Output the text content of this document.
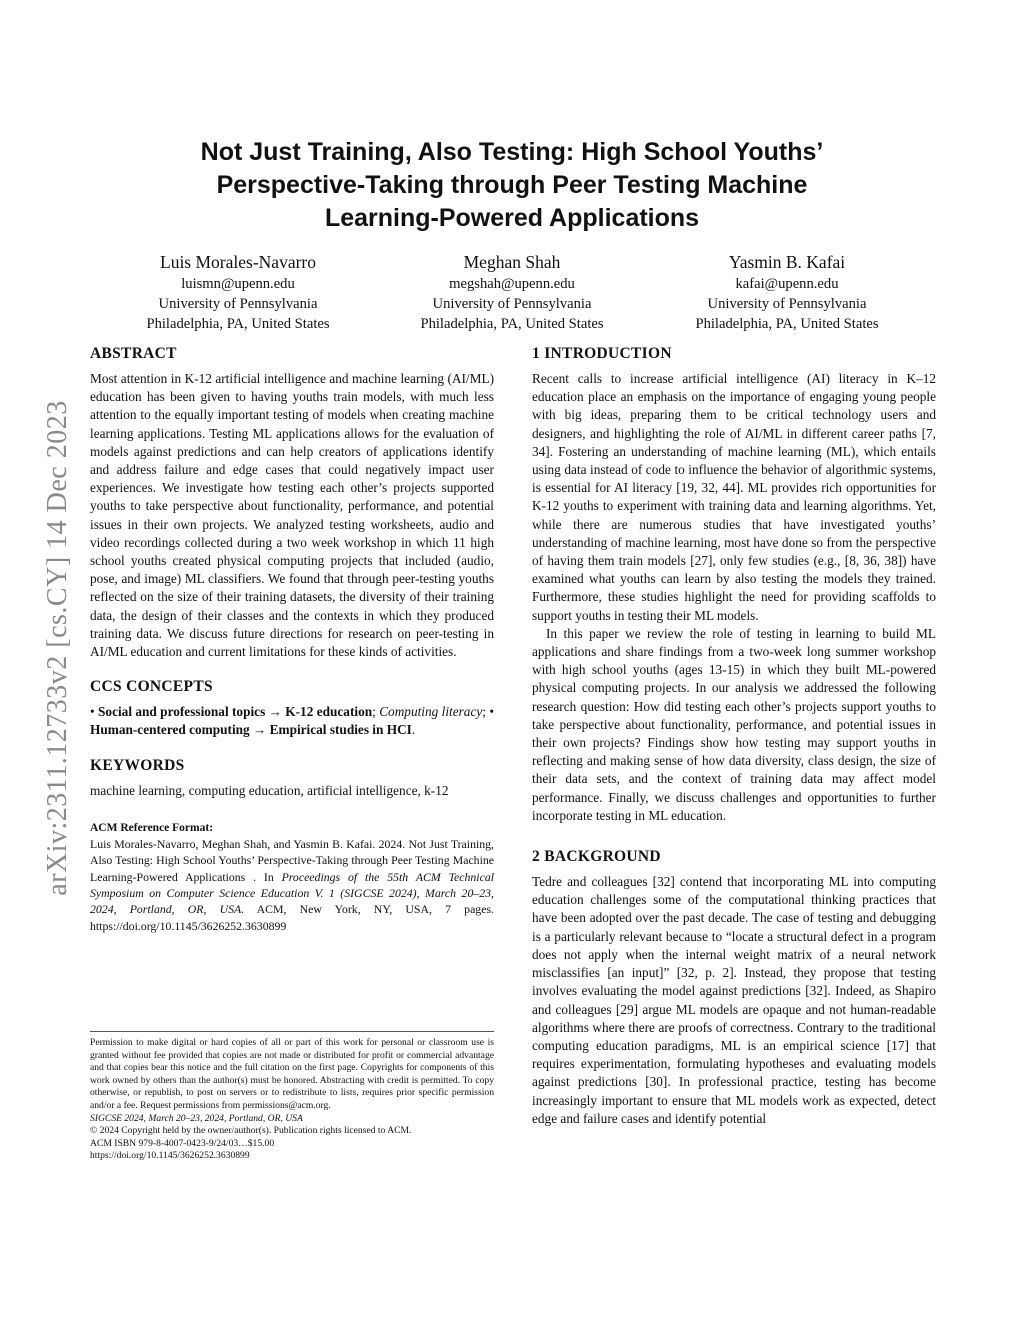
arXiv:2311.12733v2 [cs.CY] 14 Dec 2023
Not Just Training, Also Testing: High School Youths’
Perspective-Taking through Peer Testing Machine
Learning-Powered Applications
Luis Morales-Navarro
luismn@upenn.edu
University of Pennsylvania
Philadelphia, PA, United States
Meghan Shah
megshah@upenn.edu
University of Pennsylvania
Philadelphia, PA, United States
Yasmin B. Kafai
kafai@upenn.edu
University of Pennsylvania
Philadelphia, PA, United States
ABSTRACT

Most attention in K-12 artificial intelligence and machine learning (AI/ML) education has been given to having youths train models, with much less attention to the equally important testing of models when creating machine learning applications. Testing ML applications allows for the evaluation of models against predictions and can help creators of applications identify and address failure and edge cases that could negatively impact user experiences. We investigate how testing each other’s projects supported youths to take perspective about functionality, performance, and potential issues in their own projects. We analyzed testing worksheets, audio and video recordings collected during a two week workshop in which 11 high school youths created physical computing projects that included (audio, pose, and image) ML classifiers. We found that through peer-testing youths reflected on the size of their training datasets, the diversity of their training data, the design of their classes and the contexts in which they produced training data. We discuss future directions for research on peer-testing in AI/ML education and current limitations for these kinds of activities.

CCS CONCEPTS

• Social and professional topics → K-12 education; Computing literacy; • Human-centered computing → Empirical studies in HCI.

KEYWORDS

machine learning, computing education, artificial intelligence, k-12

ACM Reference Format:

Luis Morales-Navarro, Meghan Shah, and Yasmin B. Kafai. 2024. Not Just Training, Also Testing: High School Youths’ Perspective-Taking through Peer Testing Machine Learning-Powered Applications . In Proceedings of the 55th ACM Technical Symposium on Computer Science Education V. 1 (SIGCSE 2024), March 20–23, 2024, Portland, OR, USA. ACM, New York, NY, USA, 7 pages. https://doi.org/10.1145/3626252.3630899

Permission to make digital or hard copies of all or part of this work for personal or classroom use is granted without fee provided that copies are not made or distributed for profit or commercial advantage and that copies bear this notice and the full citation on the first page. Copyrights for components of this work owned by others than the author(s) must be honored. Abstracting with credit is permitted. To copy otherwise, or republish, to post on servers or to redistribute to lists, requires prior specific permission and/or a fee. Request permissions from permissions@acm.org.

SIGCSE 2024, March 20–23, 2024, Portland, OR, USA

© 2024 Copyright held by the owner/author(s). Publication rights licensed to ACM.

ACM ISBN 979-8-4007-0423-9/24/03…$15.00

https://doi.org/10.1145/3626252.3630899

1 INTRODUCTION

Recent calls to increase artificial intelligence (AI) literacy in K–12 education place an emphasis on the importance of engaging young people with big ideas, preparing them to be critical technology users and designers, and highlighting the role of AI/ML in different career paths [7, 34]. Fostering an understanding of machine learning (ML), which entails using data instead of code to influence the behavior of algorithmic systems, is essential for AI literacy [19, 32, 44]. ML provides rich opportunities for K-12 youths to experiment with training data and learning algorithms. Yet, while there are numerous studies that have investigated youths’ understanding of machine learning, most have done so from the perspective of having them train models [27], only few studies (e.g., [8, 36, 38]) have examined what youths can learn by also testing the models they trained. Furthermore, these studies highlight the need for providing scaffolds to support youths in testing their ML models.

In this paper we review the role of testing in learning to build ML applications and share findings from a two-week long summer workshop with high school youths (ages 13-15) in which they built ML-powered physical computing projects. In our analysis we addressed the following research question: How did testing each other’s projects support youths to take perspective about functionality, performance, and potential issues in their own projects? Findings show how testing may support youths in reflecting and making sense of how data diversity, class design, the size of their data sets, and the context of training data may affect model performance. Finally, we discuss challenges and opportunities to further incorporate testing in ML education.

2 BACKGROUND

Tedre and colleagues [32] contend that incorporating ML into computing education challenges some of the computational thinking practices that have been adopted over the past decade. The case of testing and debugging is a particularly relevant because to “locate a structural defect in a program does not apply when the internal weight matrix of a neural network misclassifies [an input]” [32, p. 2]. Instead, they propose that testing involves evaluating the model against predictions [32]. Indeed, as Shapiro and colleagues [29] argue ML models are opaque and not human-readable algorithms where there are proofs of correctness. Contrary to the traditional computing education paradigms, ML is an empirical science [17] that requires experimentation, formulating hypotheses and evaluating models against predictions [30]. In professional practice, testing has become increasingly important to ensure that ML models work as expected, detect edge and failure cases and identify potential
